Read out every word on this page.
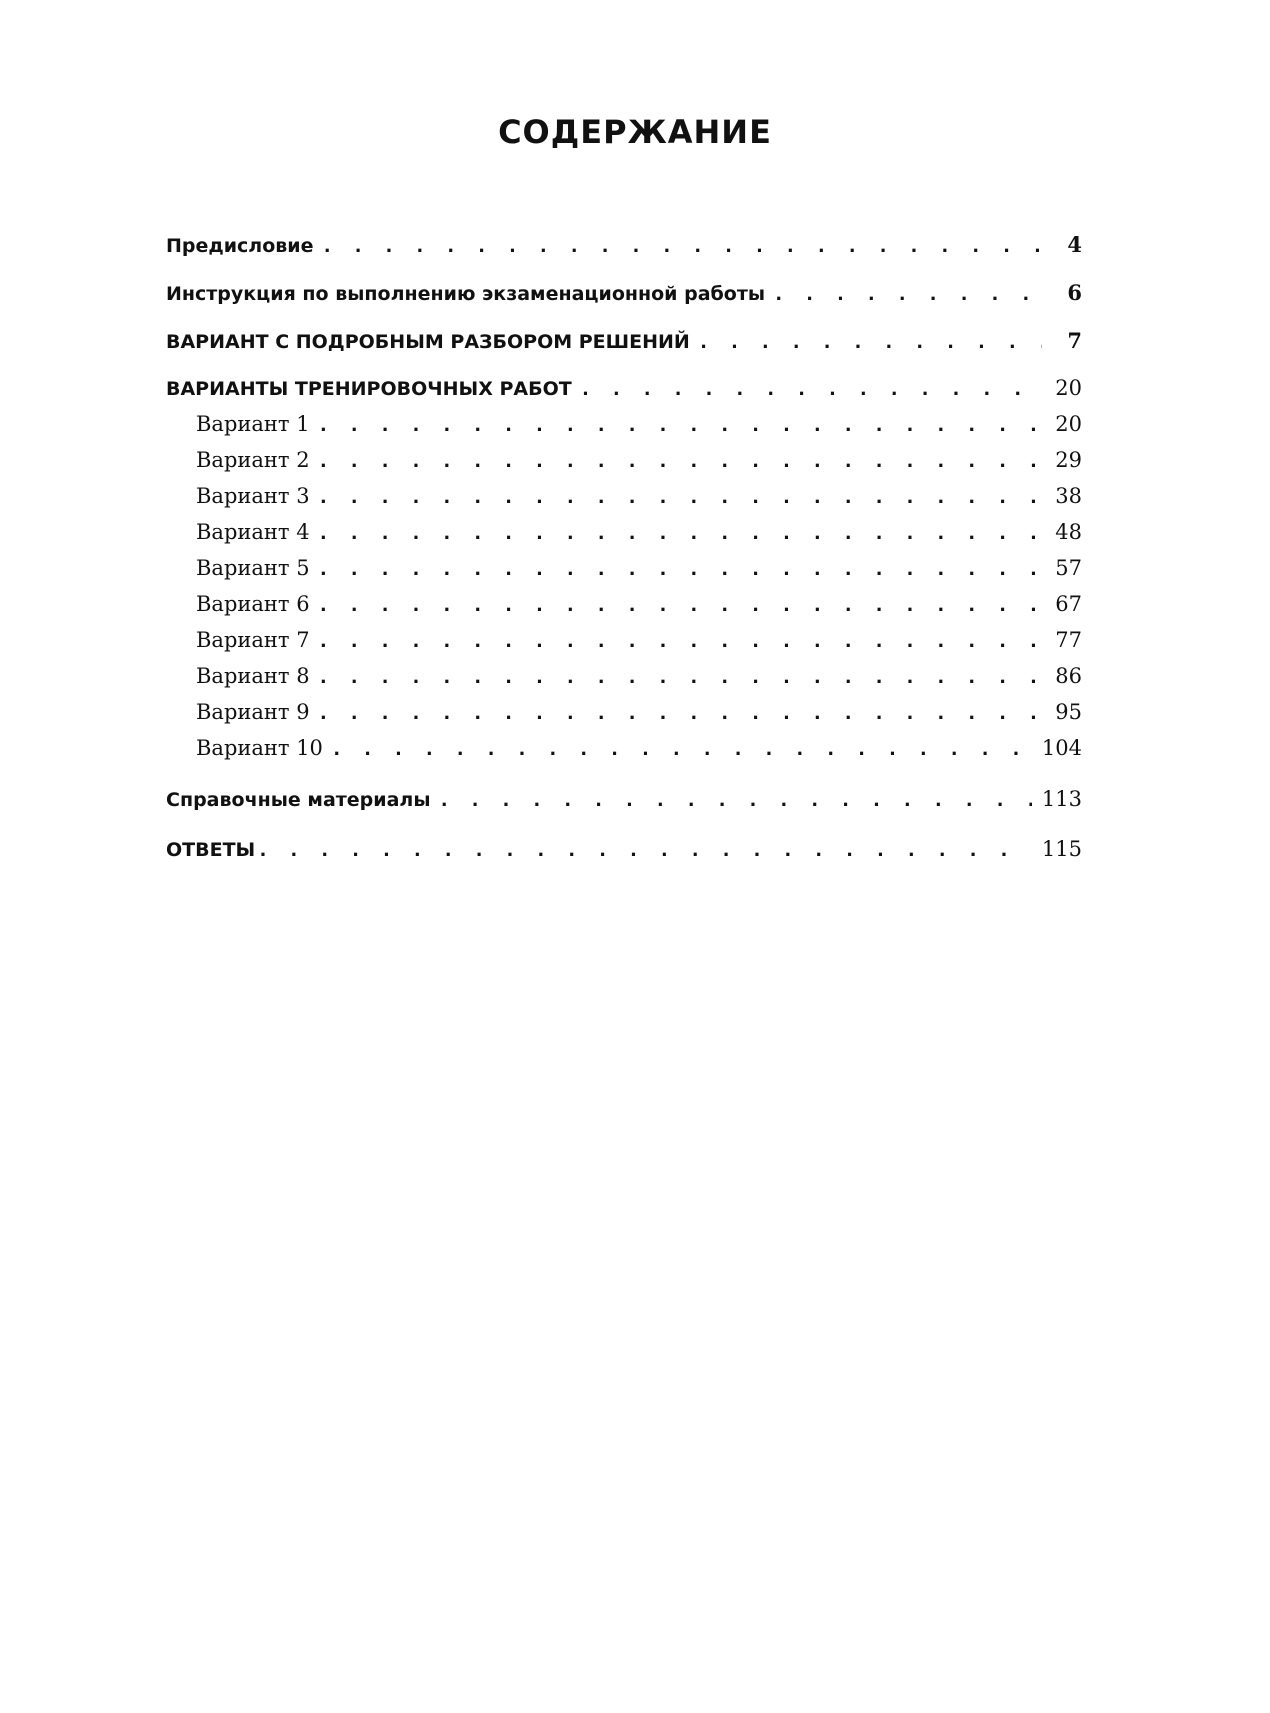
СОДЕРЖАНИЕ
Предисловие . . .	4
Инструкция по выполнению экзаменационной работы . . .	6
ВАРИАНТ С ПОДРОБНЫМ РАЗБОРОМ РЕШЕНИЙ . . .	7
ВАРИАНТЫ ТРЕНИРОВОЧНЫХ РАБОТ . . .	20
Вариант 1 . . .	20
Вариант 2 . . .	29
Вариант 3 . . .	38
Вариант 4 . . .	48
Вариант 5 . . .	57
Вариант 6 . . .	67
Вариант 7 . . .	77
Вариант 8 . . .	86
Вариант 9 . . .	95
Вариант 10 . . .	104
Справочные материалы . . .	113
ОТВЕТЫ . . .	115
